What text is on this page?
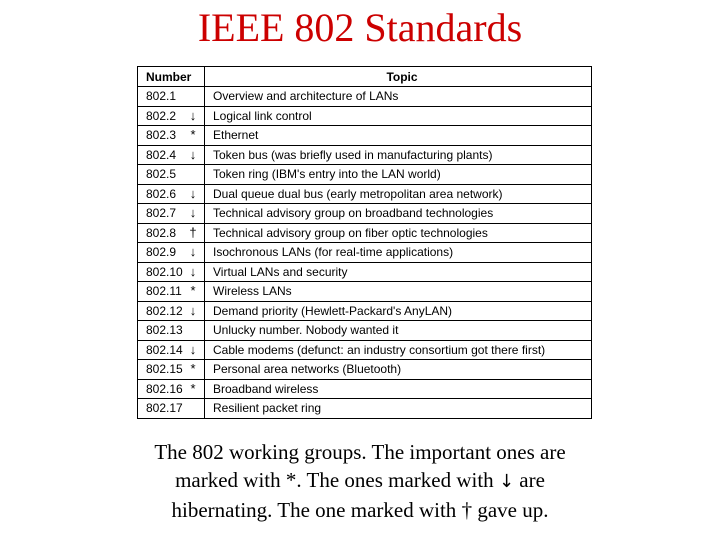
IEEE 802 Standards
Number	Topic
802.1	Overview and architecture of LANs
802.2 ↓	Logical link control
802.3 *	Ethernet
802.4 ↓	Token bus (was briefly used in manufacturing plants)
802.5	Token ring (IBM's entry into the LAN world)
802.6 ↓	Dual queue dual bus (early metropolitan area network)
802.7 ↓	Technical advisory group on broadband technologies
802.8 †	Technical advisory group on fiber optic technologies
802.9 ↓	Isochronous LANs (for real-time applications)
802.10 ↓	Virtual LANs and security
802.11 *	Wireless LANs
802.12 ↓	Demand priority (Hewlett-Packard's AnyLAN)
802.13	Unlucky number. Nobody wanted it
802.14 ↓	Cable modems (defunct: an industry consortium got there first)
802.15 *	Personal area networks (Bluetooth)
802.16 *	Broadband wireless
802.17	Resilient packet ring
The 802 working groups. The important ones are
marked with *. The ones marked with ↓ are
hibernating. The one marked with † gave up.
